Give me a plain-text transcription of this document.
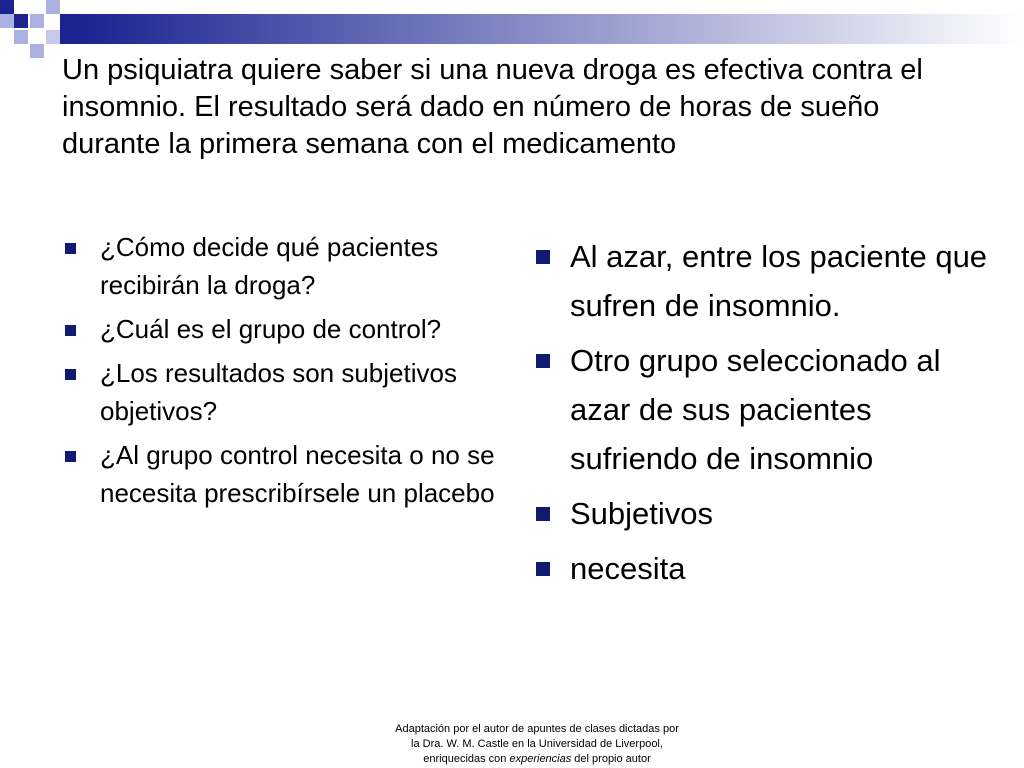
Un psiquiatra quiere saber si una nueva droga es efectiva contra el insomnio. El resultado será dado en número de horas de sueño durante la primera semana con el medicamento
¿Cómo decide qué pacientes recibirán la droga?
¿Cuál es el grupo de control?
¿Los resultados son subjetivos objetivos?
¿Al grupo control necesita o no se necesita prescribírsele un placebo
Al azar, entre los paciente que sufren de insomnio.
Otro grupo seleccionado al azar de sus pacientes sufriendo de insomnio
Subjetivos
necesita
Adaptación por el autor de apuntes de clases dictadas por
la Dra. W. M. Castle en la Universidad de Liverpool,
enriquecidas con experiencias del propio autor
